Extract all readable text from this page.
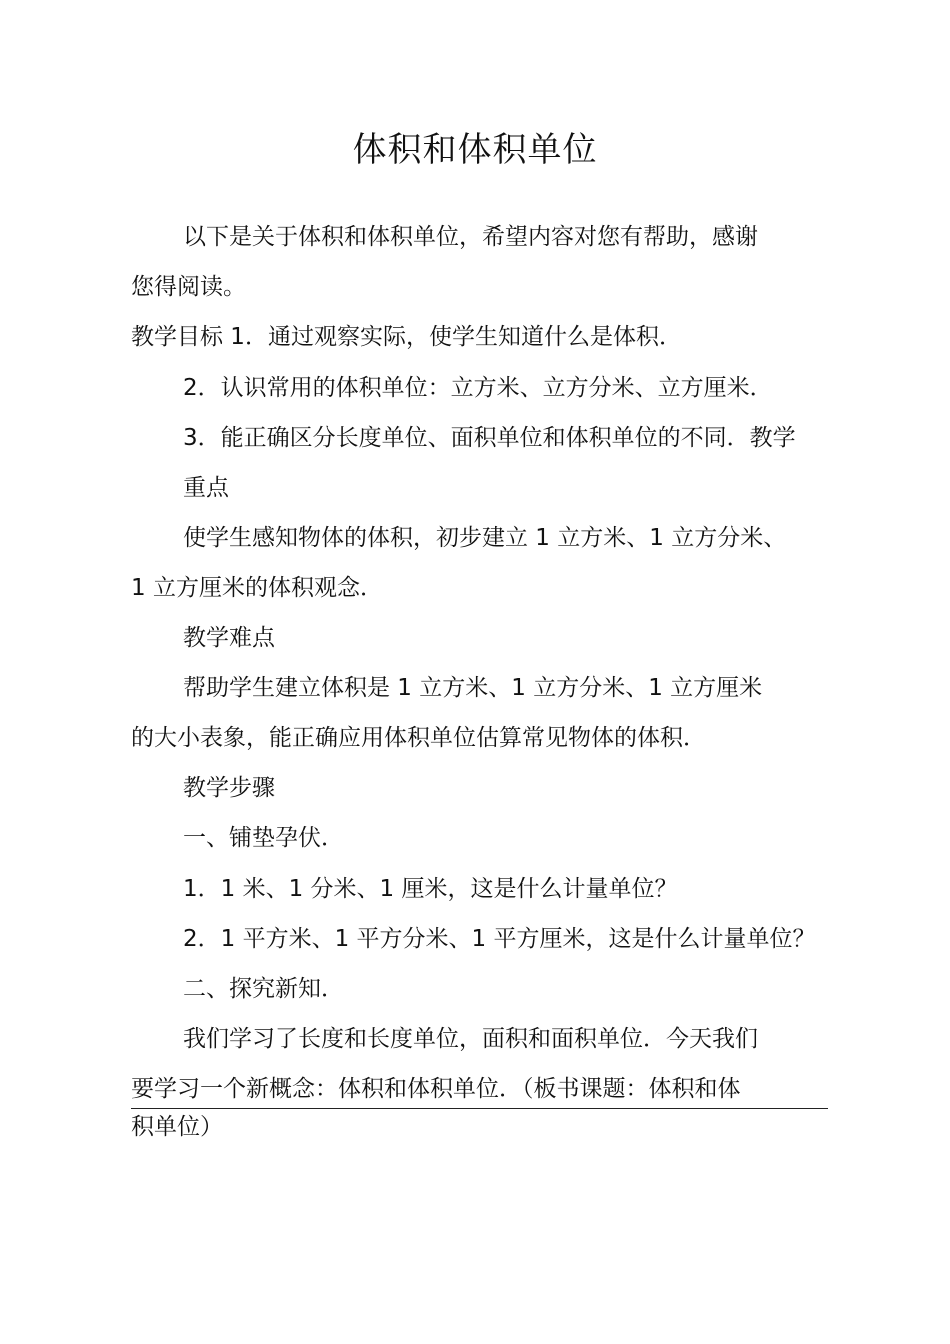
体积和体积单位
以下是关于体积和体积单位，希望内容对您有帮助，感谢
您得阅读。
教学目标 1．通过观察实际，使学生知道什么是体积．
2．认识常用的体积单位：立方米、立方分米、立方厘米．
3．能正确区分长度单位、面积单位和体积单位的不同．教学
重点
使学生感知物体的体积，初步建立 1 立方米、1 立方分米、
1 立方厘米的体积观念．
教学难点
帮助学生建立体积是 1 立方米、1 立方分米、1 立方厘米
的大小表象，能正确应用体积单位估算常见物体的体积．
教学步骤
一、铺垫孕伏．
1．1 米、1 分米、1 厘米，这是什么计量单位？
2．1 平方米、1 平方分米、1 平方厘米，这是什么计量单位？
二、探究新知．
我们学习了长度和长度单位，面积和面积单位．今天我们
要学习一个新概念：体积和体积单位．（板书课题：体积和体
积单位）
